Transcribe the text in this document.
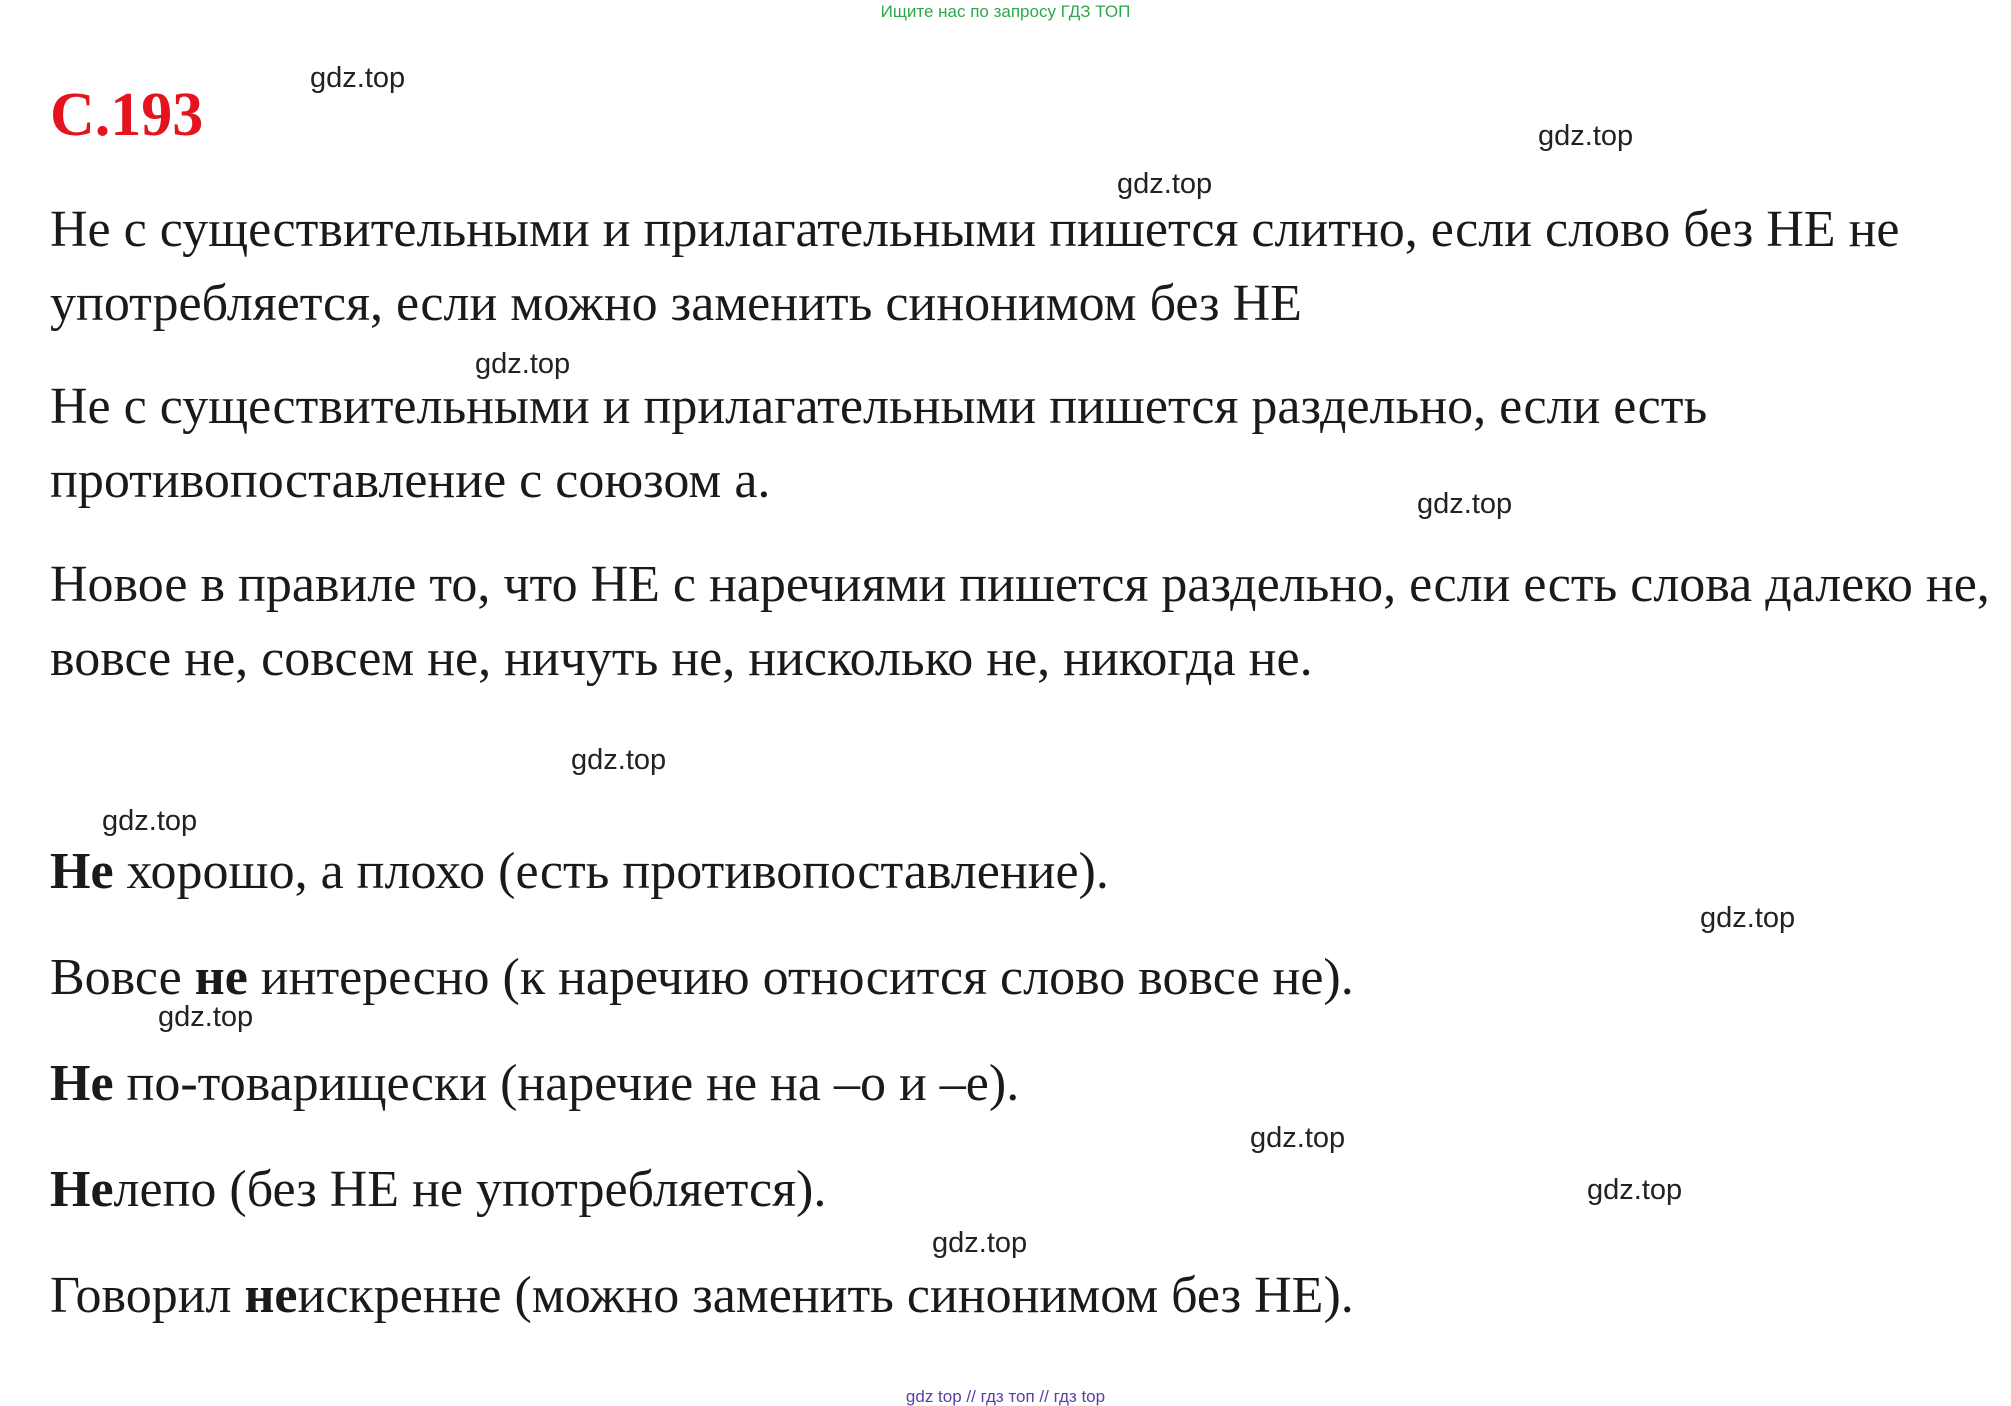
Ищите нас по запросу ГДЗ ТОП
С.193
gdz.top
gdz.top
gdz.top
gdz.top
gdz.top
gdz.top
gdz.top
gdz.top
gdz.top
gdz.top
gdz.top
gdz.top

Не с существительными и прилагательными пишется слитно, если слово без НЕ не употребляется, если можно заменить синонимом без НЕ

Не с существительными и прилагательными пишется раздельно, если есть противопоставление с союзом а.

Новое в правиле то, что НЕ с наречиями пишется раздельно, если есть слова далеко не, вовсе не, совсем не, ничуть не, нисколько не, никогда не.

Не хорошо, а плохо (есть противопоставление).
Вовсе не интересно (к наречию относится слово вовсе не).
Не по-товарищески (наречие не на –о и –е).
Нелепо (без НЕ не употребляется).
Говорил неискренне (можно заменить синонимом без НЕ).
gdz top // гдз топ // гдз top
